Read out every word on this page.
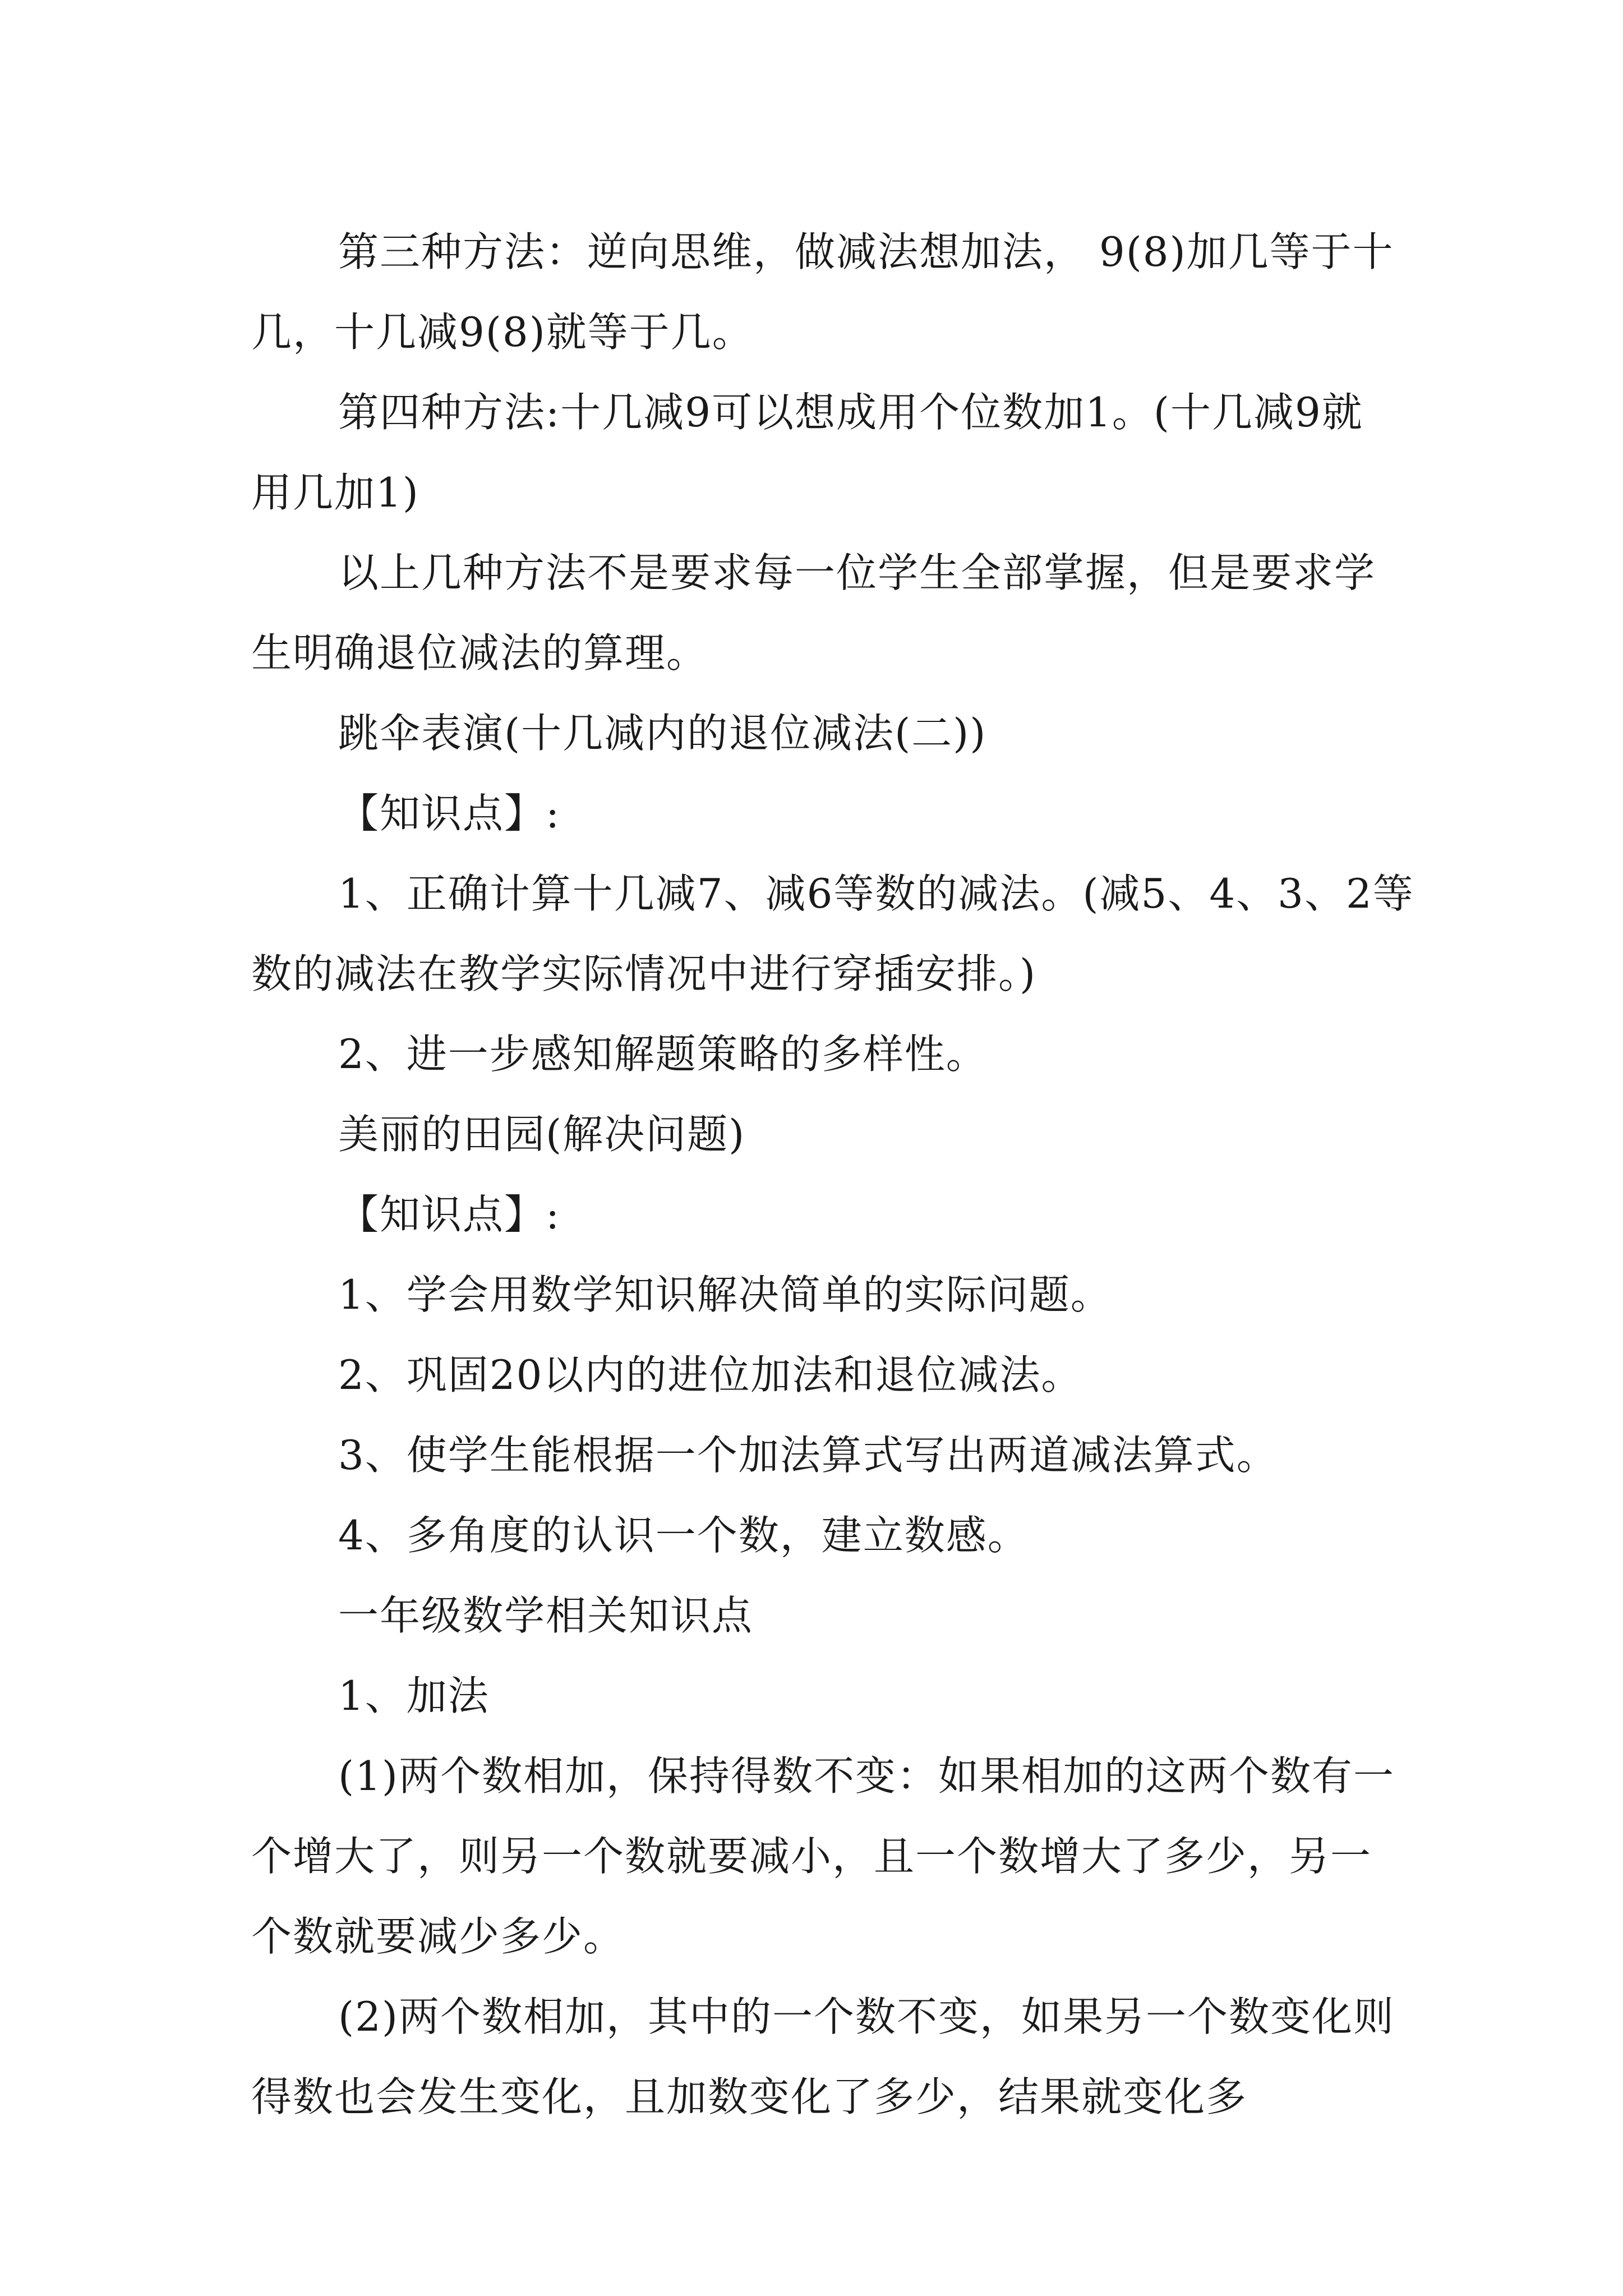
第三种方法：逆向思维，做减法想加法， 9(8)加几等于十几，十几减9(8)就等于几。

第四种方法:十几减9可以想成用个位数加1。(十几减9就用几加1)

以上几种方法不是要求每一位学生全部掌握，但是要求学生明确退位减法的算理。

跳伞表演(十几减内的退位减法(二))

【知识点】:

1、正确计算十几减7、减6等数的减法。(减5、4、3、2等数的减法在教学实际情况中进行穿插安排。)

2、进一步感知解题策略的多样性。

美丽的田园(解决问题)

【知识点】:

1、学会用数学知识解决简单的实际问题。

2、巩固20以内的进位加法和退位减法。

3、使学生能根据一个加法算式写出两道减法算式。

4、多角度的认识一个数，建立数感。

一年级数学相关知识点

1、加法

(1)两个数相加，保持得数不变：如果相加的这两个数有一个增大了，则另一个数就要减小，且一个数增大了多少，另一个数就要减少多少。

(2)两个数相加，其中的一个数不变，如果另一个数变化则得数也会发生变化，且加数变化了多少，结果就变化多
